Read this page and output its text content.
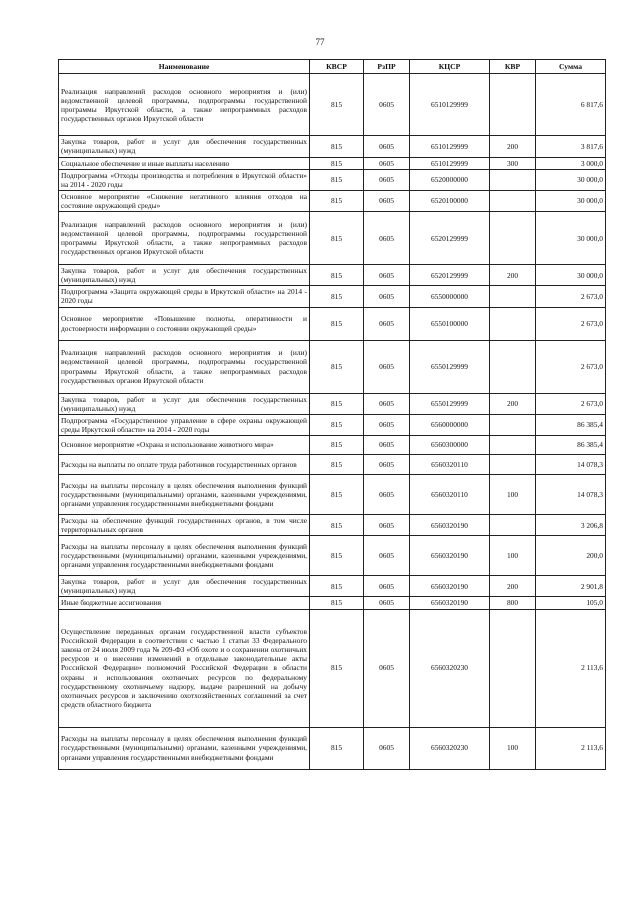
77
Наименование	КВСР	РзПР	КЦСР	КВР	Сумма
Реализация направлений расходов основного мероприятия и (или) ведомственной целевой программы, подпрограммы государственной программы Иркутской области, а также непрограммных расходов государственных органов Иркутской области	815	0605	6510129999		6 817,6
Закупка товаров, работ и услуг для обеспечения государственных (муниципальных) нужд	815	0605	6510129999	200	3 817,6
Социальное обеспечение и иные выплаты населению	815	0605	6510129999	300	3 000,0
Подпрограмма «Отходы производства и потребления в Иркутской области» на 2014 - 2020 годы	815	0605	6520000000		30 000,0
Основное мероприятие «Снижение негативного влияния отходов на состояние окружающей среды»	815	0605	6520100000		30 000,0
Реализация направлений расходов основного мероприятия и (или) ведомственной целевой программы, подпрограммы государственной программы Иркутской области, а также непрограммных расходов государственных органов Иркутской области	815	0605	6520129999		30 000,0
Закупка товаров, работ и услуг для обеспечения государственных (муниципальных) нужд	815	0605	6520129999	200	30 000,0
Подпрограмма «Защита окружающей среды в Иркутской области» на 2014 - 2020 годы	815	0605	6550000000		2 673,0
Основное мероприятие «Повышение полноты, оперативности и достоверности информации о состоянии окружающей среды»	815	0605	6550100000		2 673,0
Реализация направлений расходов основного мероприятия и (или) ведомственной целевой программы, подпрограммы государственной программы Иркутской области, а также непрограммных расходов государственных органов Иркутской области	815	0605	6550129999		2 673,0
Закупка товаров, работ и услуг для обеспечения государственных (муниципальных) нужд	815	0605	6550129999	200	2 673,0
Подпрограмма «Государственное управление в сфере охраны окружающей среды Иркутской области» на 2014 - 2020 годы	815	0605	6560000000		86 385,4
Основное мероприятие «Охрана и использование животного мира»	815	0605	6560300000		86 385,4
Расходы на выплаты по оплате труда работников государственных органов	815	0605	6560320110		14 078,3
Расходы на выплаты персоналу в целях обеспечения выполнения функций государственными (муниципальными) органами, казенными учреждениями, органами управления государственными внебюджетными фондами	815	0605	6560320110	100	14 078,3
Расходы на обеспечение функций государственных органов, в том числе территориальных органов	815	0605	6560320190		3 206,8
Расходы на выплаты персоналу в целях обеспечения выполнения функций государственными (муниципальными) органами, казенными учреждениями, органами управления государственными внебюджетными фондами	815	0605	6560320190	100	200,0
Закупка товаров, работ и услуг для обеспечения государственных (муниципальных) нужд	815	0605	6560320190	200	2 901,8
Иные бюджетные ассигнования	815	0605	6560320190	800	105,0
Осуществление переданных органам государственной власти субъектов Российской Федерации в соответствии с частью 1 статьи 33 Федерального закона от 24 июля 2009 года № 209-ФЗ «Об охоте и о сохранении охотничьих ресурсов и о внесении изменений в отдельные законодательные акты Российской Федерации» полномочий Российской Федерации в области охраны и использования охотничьих ресурсов по федеральному государственному охотничьему надзору, выдаче разрешений на добычу охотничьих ресурсов и заключению охотхозяйственных соглашений за счет средств областного бюджета	815	0605	6560320230		2 113,6
Расходы на выплаты персоналу в целях обеспечения выполнения функций государственными (муниципальными) органами, казенными учреждениями, органами управления государственными внебюджетными фондами	815	0605	6560320230	100	2 113,6
